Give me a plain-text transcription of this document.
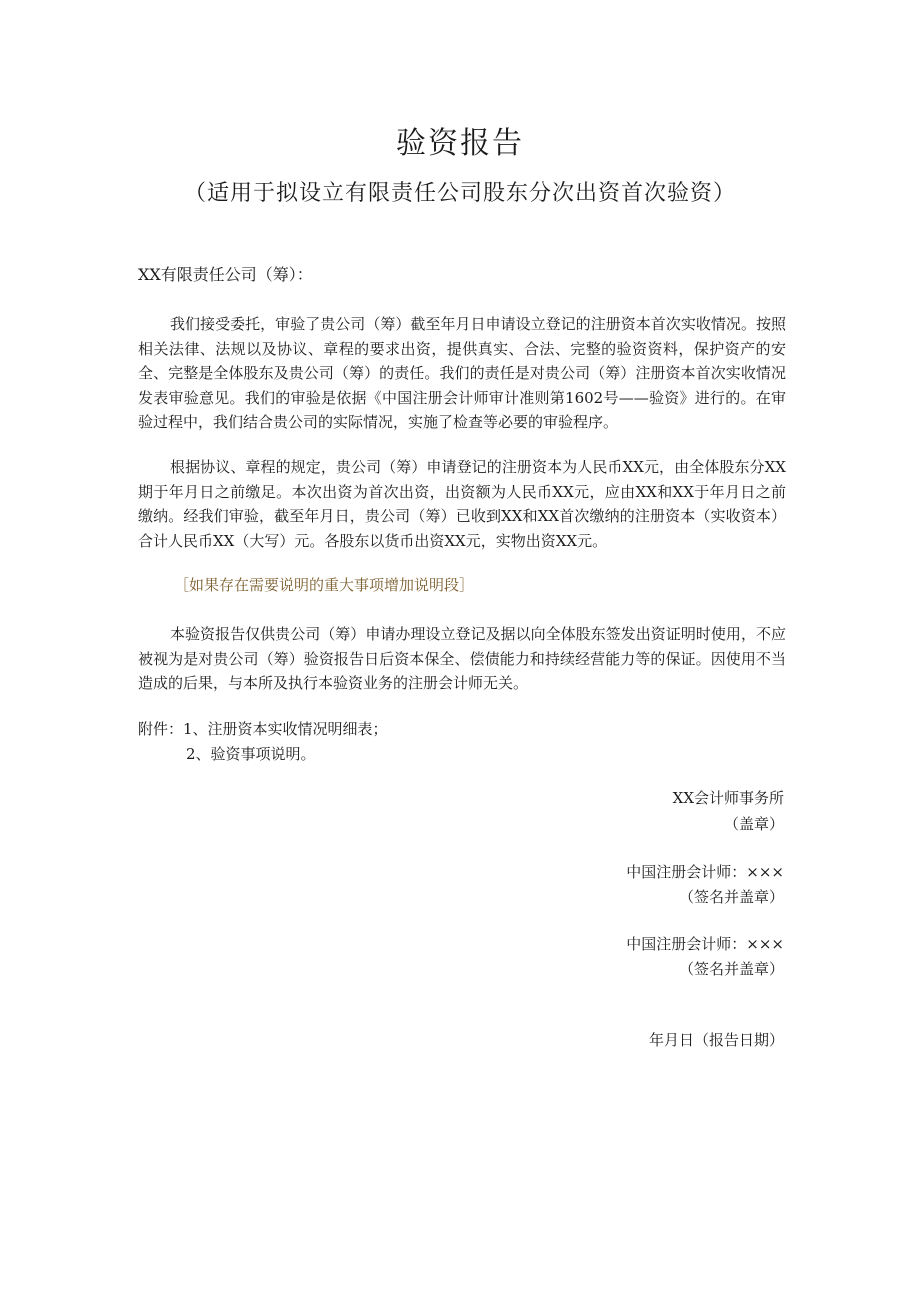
验资报告
（适用于拟设立有限责任公司股东分次出资首次验资）
XX有限责任公司（筹）：
我们接受委托，审验了贵公司（筹）截至年月日申请设立登记的注册资本首次实收情况。按照相关法律、法规以及协议、章程的要求出资，提供真实、合法、完整的验资资料，保护资产的安全、完整是全体股东及贵公司（筹）的责任。我们的责任是对贵公司（筹）注册资本首次实收情况发表审验意见。我们的审验是依据《中国注册会计师审计准则第1602号——验资》进行的。在审验过程中，我们结合贵公司的实际情况，实施了检查等必要的审验程序。
根据协议、章程的规定，贵公司（筹）申请登记的注册资本为人民币XX元，由全体股东分XX期于年月日之前缴足。本次出资为首次出资，出资额为人民币XX元，应由XX和XX于年月日之前缴纳。经我们审验，截至年月日，贵公司（筹）已收到XX和XX首次缴纳的注册资本（实收资本）合计人民币XX（大写）元。各股东以货币出资XX元，实物出资XX元。
［如果存在需要说明的重大事项增加说明段］
本验资报告仅供贵公司（筹）申请办理设立登记及据以向全体股东签发出资证明时使用，不应被视为是对贵公司（筹）验资报告日后资本保全、偿债能力和持续经营能力等的保证。因使用不当造成的后果，与本所及执行本验资业务的注册会计师无关。
附件：1、注册资本实收情况明细表；
2、验资事项说明。
XX会计师事务所
（盖章）
中国注册会计师：×××
（签名并盖章）
中国注册会计师：×××
（签名并盖章）
年月日（报告日期）
